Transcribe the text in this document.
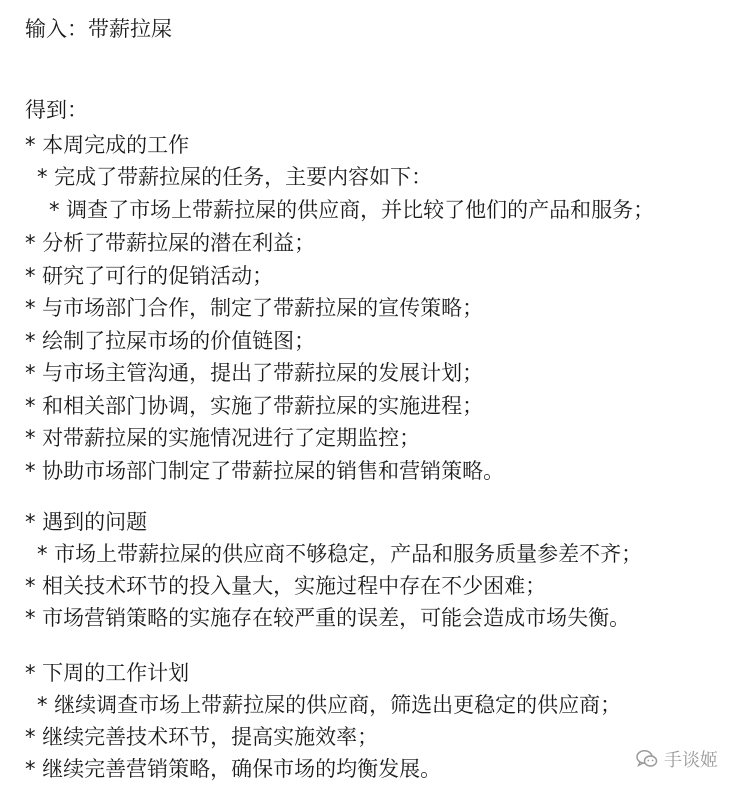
输入：带薪拉屎
得到：
* 本周完成的工作
* 完成了带薪拉屎的任务，主要内容如下：
* 调查了市场上带薪拉屎的供应商，并比较了他们的产品和服务；
* 分析了带薪拉屎的潜在利益；
* 研究了可行的促销活动；
* 与市场部门合作，制定了带薪拉屎的宣传策略；
* 绘制了拉屎市场的价值链图；
* 与市场主管沟通，提出了带薪拉屎的发展计划；
* 和相关部门协调，实施了带薪拉屎的实施进程；
* 对带薪拉屎的实施情况进行了定期监控；
* 协助市场部门制定了带薪拉屎的销售和营销策略。
* 遇到的问题
* 市场上带薪拉屎的供应商不够稳定，产品和服务质量参差不齐；
* 相关技术环节的投入量大，实施过程中存在不少困难；
* 市场营销策略的实施存在较严重的误差，可能会造成市场失衡。
* 下周的工作计划
* 继续调查市场上带薪拉屎的供应商，筛选出更稳定的供应商；
* 继续完善技术环节，提高实施效率；
* 继续完善营销策略，确保市场的均衡发展。	手谈姬
